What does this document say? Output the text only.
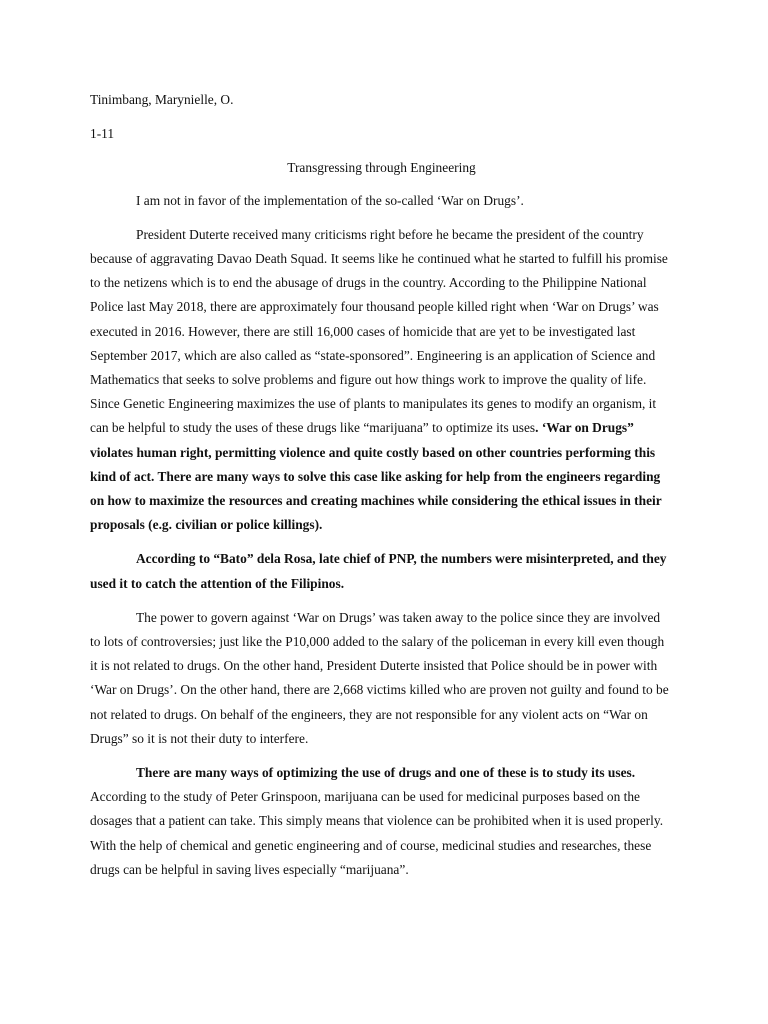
Tinimbang, Marynielle, O.

1-11

Transgressing through Engineering

I am not in favor of the implementation of the so-called ‘War on Drugs’.

President Duterte received many criticisms right before he became the president of the country because of aggravating Davao Death Squad. It seems like he continued what he started to fulfill his promise to the netizens which is to end the abusage of drugs in the country. According to the Philippine National Police last May 2018, there are approximately four thousand people killed right when ‘War on Drugs’ was executed in 2016. However, there are still 16,000 cases of homicide that are yet to be investigated last September 2017, which are also called as “state-sponsored”. Engineering is an application of Science and Mathematics that seeks to solve problems and figure out how things work to improve the quality of life. Since Genetic Engineering maximizes the use of plants to manipulates its genes to modify an organism, it can be helpful to study the uses of these drugs like “marijuana” to optimize its uses. ‘War on Drugs” violates human right, permitting violence and quite costly based on other countries performing this kind of act. There are many ways to solve this case like asking for help from the engineers regarding on how to maximize the resources and creating machines while considering the ethical issues in their proposals (e.g. civilian or police killings).

According to “Bato” dela Rosa, late chief of PNP, the numbers were misinterpreted, and they used it to catch the attention of the Filipinos.

The power to govern against ‘War on Drugs’ was taken away to the police since they are involved to lots of controversies; just like the P10,000 added to the salary of the policeman in every kill even though it is not related to drugs. On the other hand, President Duterte insisted that Police should be in power with ‘War on Drugs’. On the other hand, there are 2,668 victims killed who are proven not guilty and found to be not related to drugs. On behalf of the engineers, they are not responsible for any violent acts on “War on Drugs” so it is not their duty to interfere.

There are many ways of optimizing the use of drugs and one of these is to study its uses. According to the study of Peter Grinspoon, marijuana can be used for medicinal purposes based on the dosages that a patient can take. This simply means that violence can be prohibited when it is used properly. With the help of chemical and genetic engineering and of course, medicinal studies and researches, these drugs can be helpful in saving lives especially “marijuana”.
